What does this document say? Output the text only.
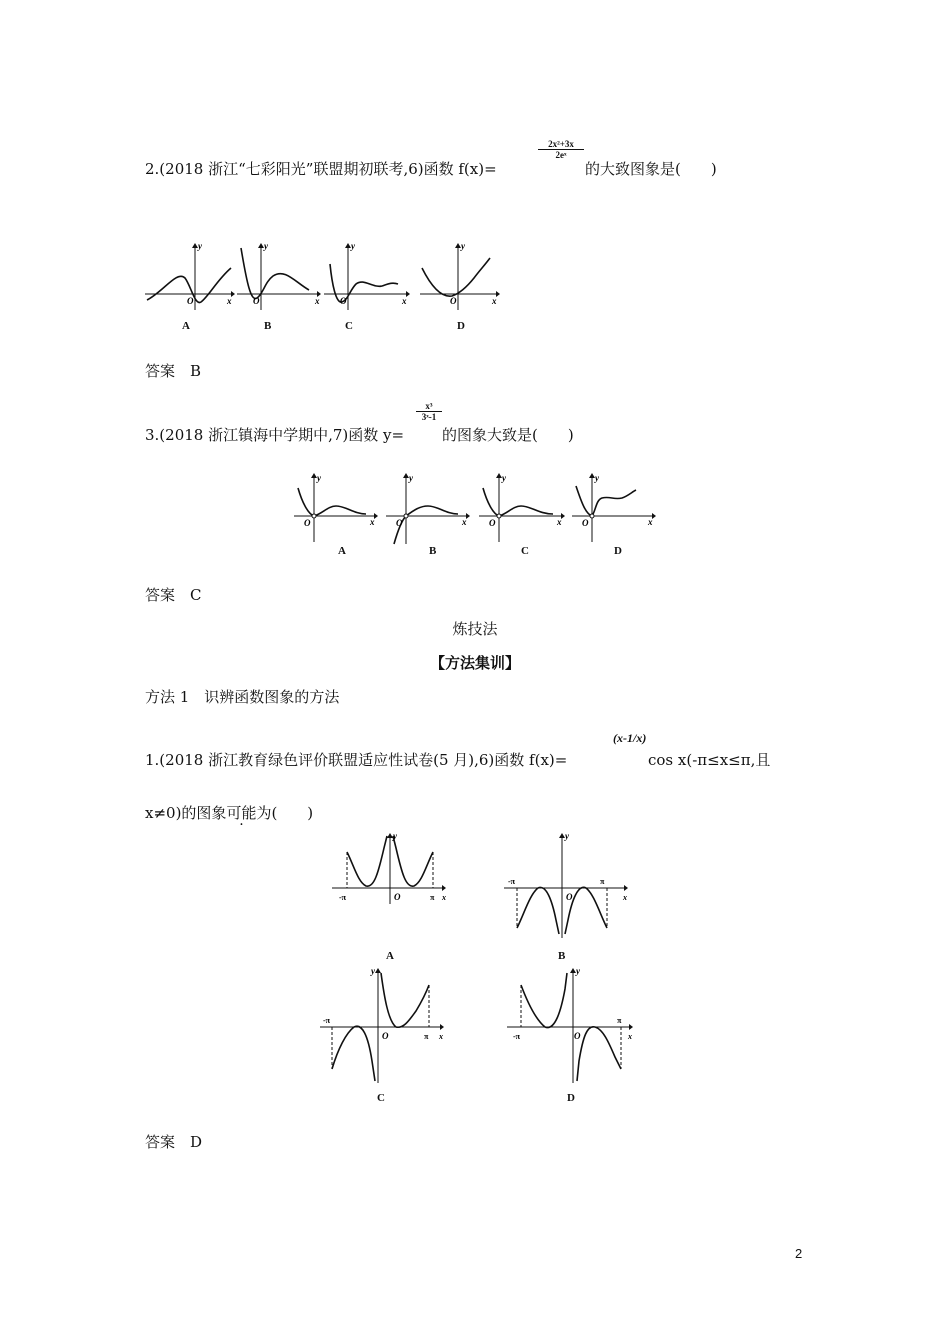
$\frac{\text{2x²+3x}}{\text{2eˣ}}$
2.(2018 浙江“七彩阳光”联盟期初联考,6)函数 f(x)=	的大致图象是(　　)
y
O	x
A
y
O	x
B
y
O	x
C
y
O	x
D
答案　B
$\frac{\text{x³}}{\text{3ˣ-1}}$
3.(2018 浙江镇海中学期中,7)函数 y=	的图象大致是(　　)
y
O	x
A
y
O	x
B
y
O	x
C
y
O	x
D
答案　C
炼技法
【方法集训】
方法 1　识辨函数图象的方法
1.(2018 浙江教育绿色评价联盟适应性试卷(5 月),6)函数 f(x)=
(x-1/x)
cos x(-π≤x≤π,且
x≠0)的图象可能为(　　)
y
O
-π	π x
A
y
O
-π	π
x
B
y
O
-π
π x
C
y
O
-π
π
x
D
答案　D
2
